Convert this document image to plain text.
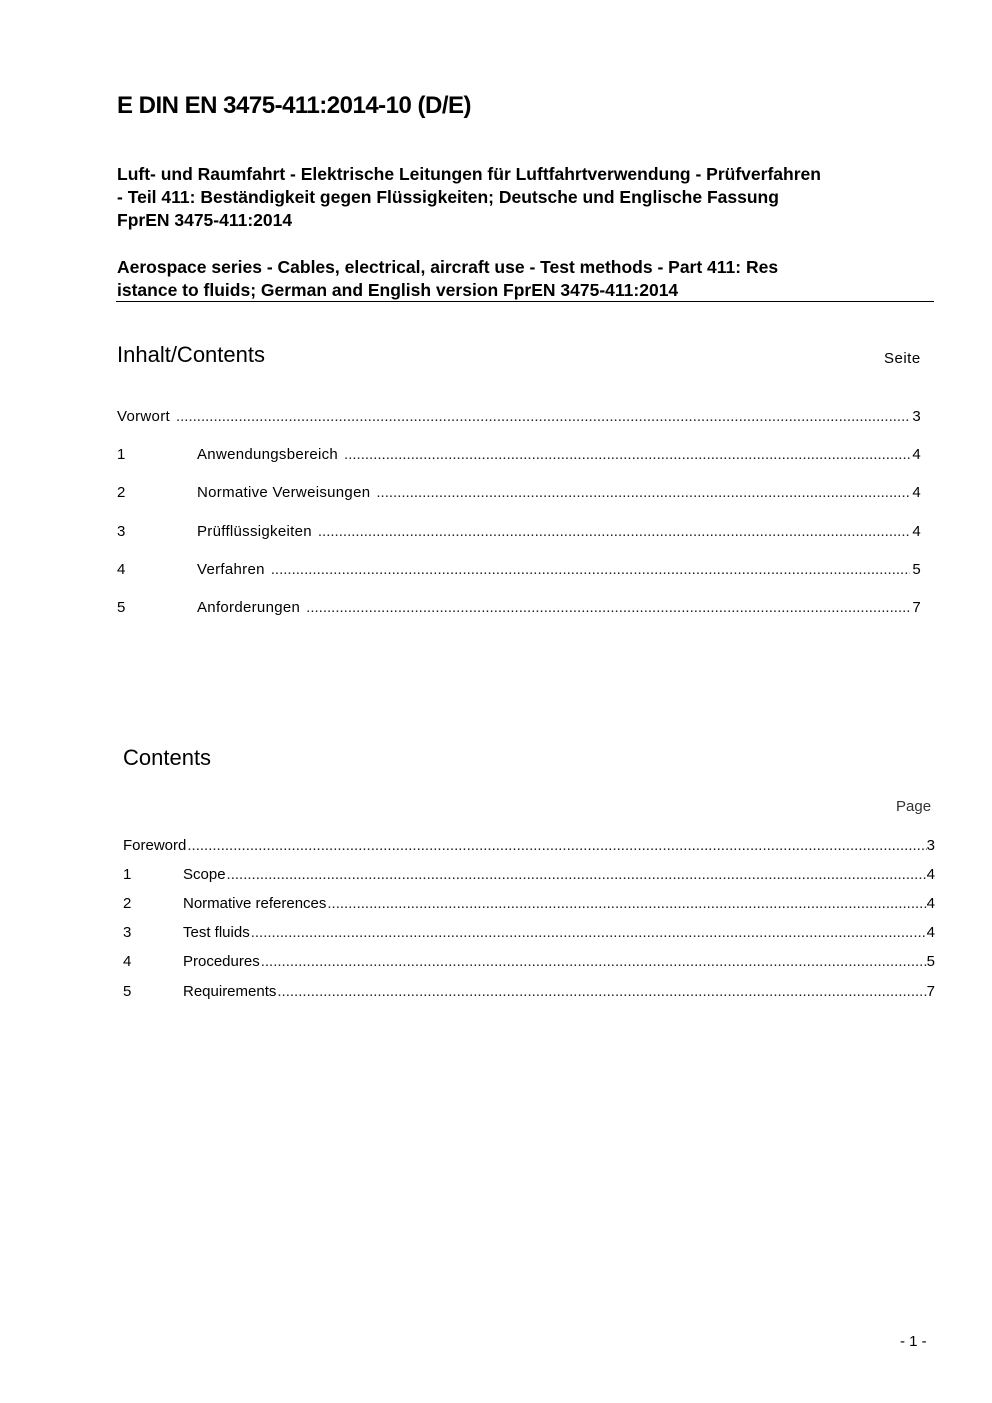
E DIN EN 3475-411:2014-10 (D/E)
Luft- und Raumfahrt - Elektrische Leitungen für Luftfahrtverwendung - Prüfverfahren
- Teil 411: Beständigkeit gegen Flüssigkeiten; Deutsche und Englische Fassung
FprEN 3475-411:2014
Aerospace series - Cables, electrical, aircraft use - Test methods - Part 411: Res
istance to fluids; German and English version FprEN 3475-411:2014
Inhalt/Contents	Seite
Vorwort .....	3
1	Anwendungsbereich .....	4
2	Normative Verweisungen .....	4
3	Prüfflüssigkeiten .....	4
4	Verfahren .....	5
5	Anforderungen .....	7
Contents
Page
Foreword .....	3
1	Scope .....	4
2	Normative references .....	4
3	Test fluids .....	4
4	Procedures .....	5
5	Requirements .....	7
- 1 -
